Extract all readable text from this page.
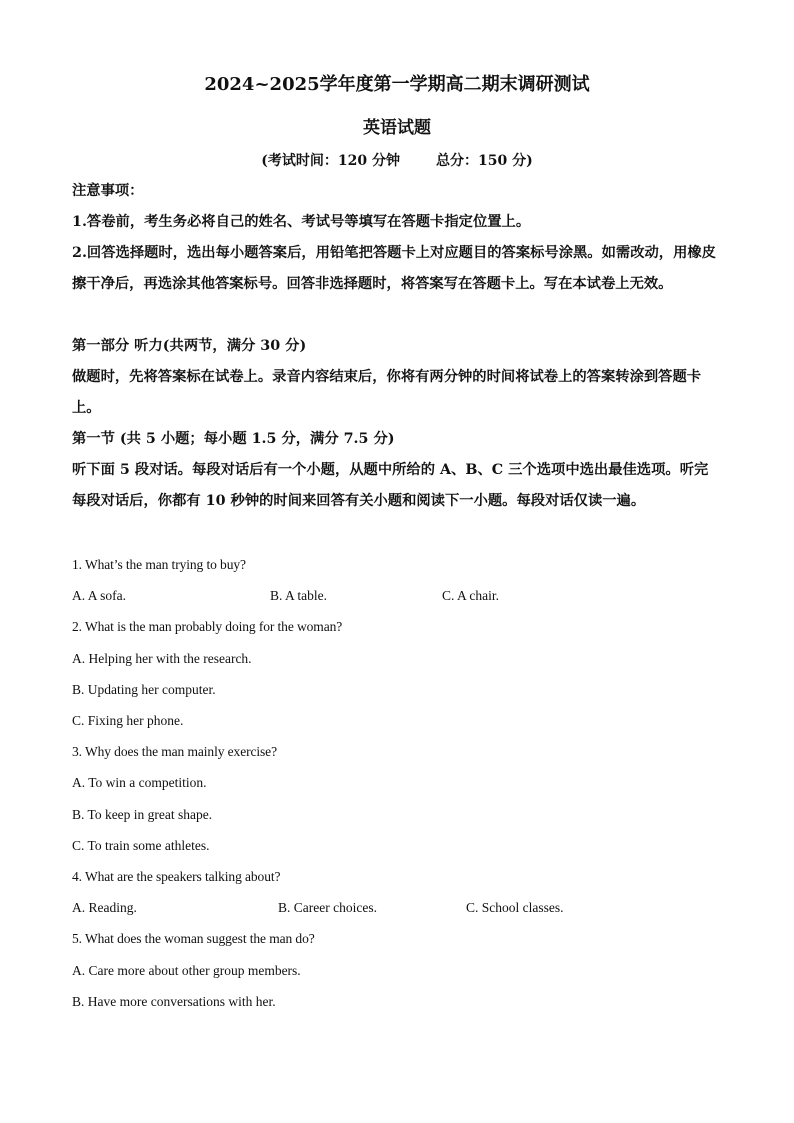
2024~2025学年度第一学期高二期末调研测试
英语试题
(考试时间：120 分钟	总分：150 分)

注意事项：

1.答卷前，考生务必将自己的姓名、考试号等填写在答题卡指定位置上。

2.回答选择题时，选出每小题答案后，用铅笔把答题卡上对应题目的答案标号涂黑。如需改动，用橡皮擦干净后，再选涂其他答案标号。回答非选择题时，将答案写在答题卡上。写在本试卷上无效。

第一部分 听力(共两节，满分 30 分)

做题时，先将答案标在试卷上。录音内容结束后，你将有两分钟的时间将试卷上的答案转涂到答题卡上。

第一节 (共 5 小题；每小题 1.5 分，满分 7.5 分)

听下面 5 段对话。每段对话后有一个小题，从题中所给的 A、B、C 三个选项中选出最佳选项。听完每段对话后，你都有 10 秒钟的时间来回答有关小题和阅读下一小题。每段对话仅读一遍。

1. What’s the man trying to buy?
A. A sofa.	B. A table.	C. A chair.
2. What is the man probably doing for the woman?
A. Helping her with the research.
B. Updating her computer.
C. Fixing her phone.
3. Why does the man mainly exercise?
A. To win a competition.
B. To keep in great shape.
C. To train some athletes.
4. What are the speakers talking about?
A. Reading.	B. Career choices.	C. School classes.
5. What does the woman suggest the man do?
A. Care more about other group members.
B. Have more conversations with her.
